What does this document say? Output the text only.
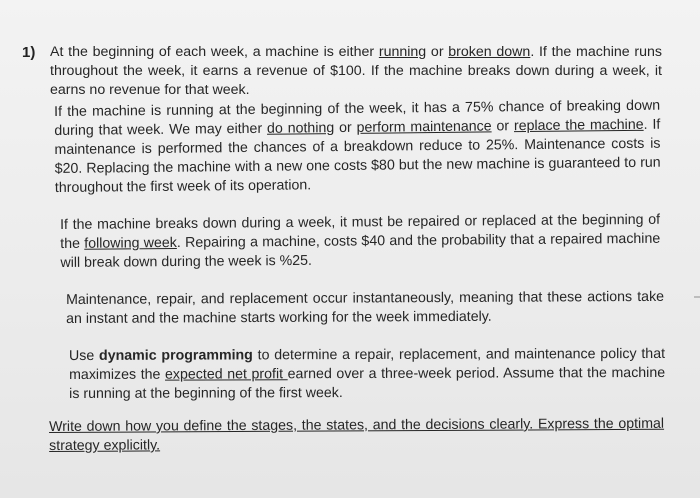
1) At the beginning of each week, a machine is either running or broken down. If the machine runs throughout the week, it earns a revenue of $100. If the machine breaks down during a week, it earns no revenue for that week.
If the machine is running at the beginning of the week, it has a 75% chance of breaking down during that week. We may either do nothing or perform maintenance or replace the machine. If maintenance is performed the chances of a breakdown reduce to 25%. Maintenance costs is $20. Replacing the machine with a new one costs $80 but the new machine is guaranteed to run throughout the first week of its operation.
If the machine breaks down during a week, it must be repaired or replaced at the beginning of the following week. Repairing a machine, costs $40 and the probability that a repaired machine will break down during the week is %25.
Maintenance, repair, and replacement occur instantaneously, meaning that these actions take an instant and the machine starts working for the week immediately.
Use dynamic programming to determine a repair, replacement, and maintenance policy that maximizes the expected net profit earned over a three-week period. Assume that the machine is running at the beginning of the first week.
Write down how you define the stages, the states, and the decisions clearly. Express the optimal strategy explicitly.
